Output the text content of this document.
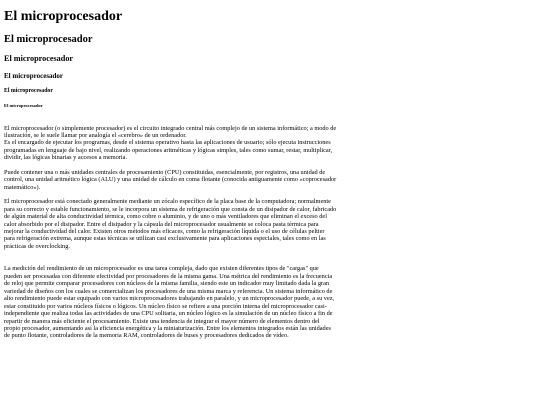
El microprocesador
El microprocesador
El microprocesador
El microprocesador
El microprocesador
El microprocesador

El microprocesador (o simplemente procesador) es el circuito integrado central más complejo de un sistema informático; a modo de
ilustración, se le suele llamar por analogía el «cerebro» de un ordenador.
Es el encargado de ejecutar los programas, desde el sistema operativo hasta las aplicaciones de usuario; sólo ejecuta instrucciones
programadas en lenguaje de bajo nivel, realizando operaciones aritméticas y lógicas simples, tales como sumar, restar, multiplicar,
dividir, las lógicas binarias y accesos a memoria.

Puede contener una o más unidades centrales de procesamiento (CPU) constituidas, esencialmente, por registros, una unidad de
control, una unidad aritmético lógica (ALU) y una unidad de cálculo en coma flotante (conocida antiguamente como «coprocesador
matemático»).

El microprocesador está conectado generalmente mediante un zócalo específico de la placa base de la computadora; normalmente
para su correcto y estable funcionamiento, se le incorpora un sistema de refrigeración que consta de un disipador de calor, fabricado
de algún material de alta conductividad térmica, como cobre o aluminio, y de uno o más ventiladores que eliminan el exceso del
calor absorbido por el disipador. Entre el disipador y la cápsula del microprocesador usualmente se coloca pasta térmica para
mejorar la conductividad del calor. Existen otros métodos más eficaces, como la refrigeración líquida o el uso de células peltier
para refrigeración extrema, aunque estas técnicas se utilizan casi exclusivamente para aplicaciones especiales, tales como en las
prácticas de overclocking.

La medición del rendimiento de un microprocesador es una tarea compleja, dado que existen diferentes tipos de "cargas" que
pueden ser procesadas con diferente efectividad por procesadores de la misma gama. Una métrica del rendimiento es la frecuencia
de reloj que permite comparar procesadores con núcleos de la misma familia, siendo este un indicador muy limitado dada la gran
variedad de diseños con los cuales se comercializan los procesadores de una misma marca y referencia. Un sistema informático de
alto rendimiento puede estar equipado con varios microprocesadores trabajando en paralelo, y un microprocesador puede, a su vez,
estar constituido por varios núcleos físicos o lógicos. Un núcleo físico se refiere a una porción interna del microprocesador casi-
independiente que realiza todas las actividades de una CPU solitaria, un núcleo lógico es la simulación de un núcleo físico a fin de
repartir de manera más eficiente el procesamiento. Existe una tendencia de integrar el mayor número de elementos dentro del
propio procesador, aumentando así la eficiencia energética y la miniaturización. Entre los elementos integrados están las unidades
de punto flotante, controladores de la memoria RAM, controladores de buses y procesadores dedicados de vídeo.
